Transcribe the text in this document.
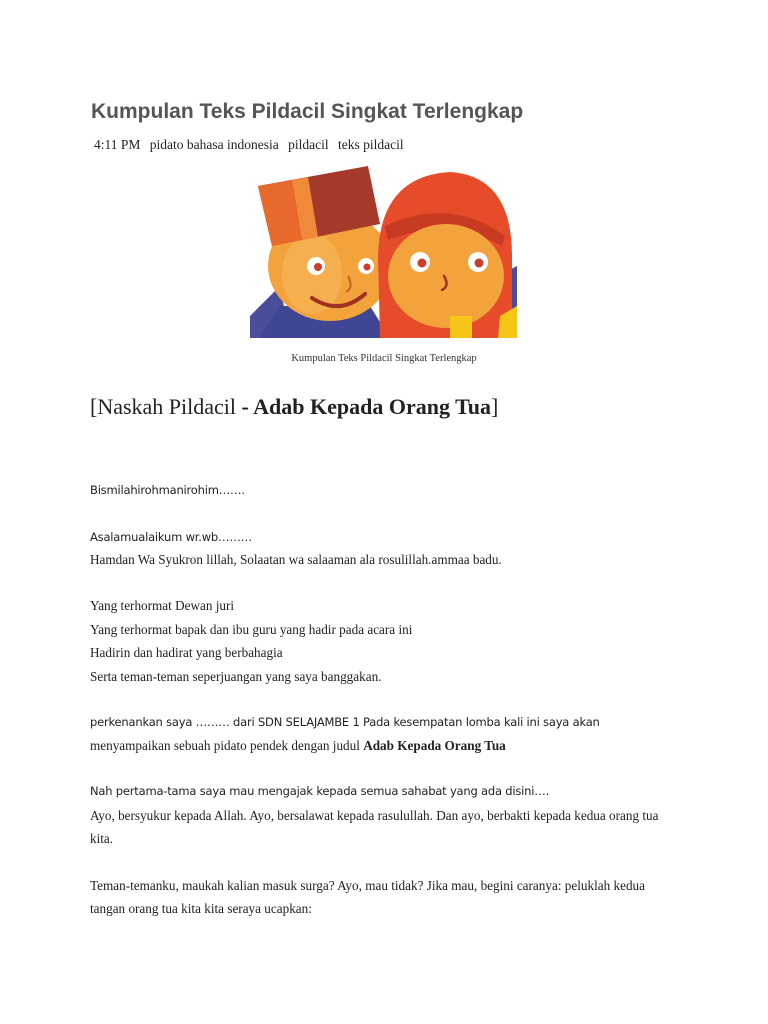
Kumpulan Teks Pildacil Singkat Terlengkap
4:11 PM pidato bahasa indonesia pildacil teks pildacil
Kumpulan Teks Pildacil Singkat Terlengkap
[Naskah Pildacil - Adab Kepada Orang Tua]

Bismilahirohmanirohim…….

Asalamualaikum wr.wb………

Hamdan Wa Syukron lillah, Solaatan wa salaaman ala rosulillah.ammaa badu.

Yang terhormat Dewan juri

Yang terhormat bapak dan ibu guru yang hadir pada acara ini

Hadirin dan hadirat yang berbahagia

Serta teman-teman seperjuangan yang saya banggakan.

perkenankan saya ……… dari SDN SELAJAMBE 1 Pada kesempatan lomba kali ini saya akan

menyampaikan sebuah pidato pendek dengan judul Adab Kepada Orang Tua

Nah pertama-tama saya mau mengajak kepada semua sahabat yang ada disini….

Ayo, bersyukur kepada Allah. Ayo, bersalawat kepada rasulullah. Dan ayo, berbakti kepada kedua orang tua

kita.

Teman-temanku, maukah kalian masuk surga? Ayo, mau tidak? Jika mau, begini caranya: peluklah kedua

tangan orang tua kita kita seraya ucapkan:
